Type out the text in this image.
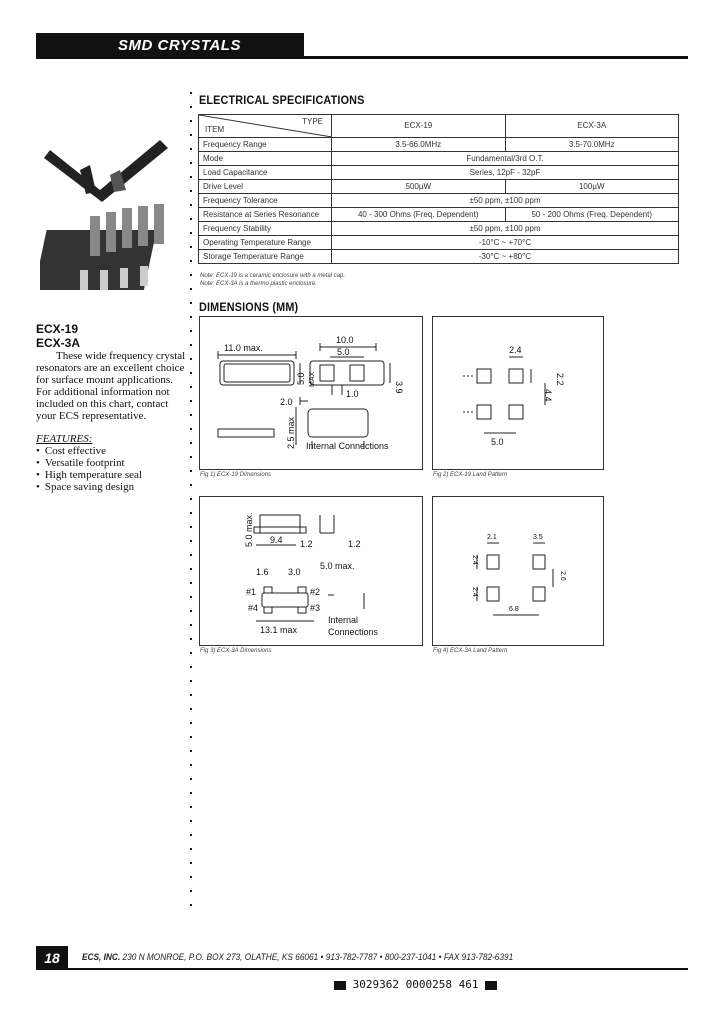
SMD CRYSTALS
ECX-19
ECX-3A
These wide frequency crystal resonators are an excellent choice for surface mount applications. For additional information not included on this chart, contact your ECS representative.
FEATURES:
• Cost effective
• Versatile footprint
• High temperature seal
• Space saving design
ELECTRICAL SPECIFICATIONS
TYPE
ITEM	ECX-19	ECX-3A
Frequency Range	3.5-66.0MHz	3.5-70.0MHz
Mode	Fundamental/3rd O.T.	
Load Capacitance	Series, 12pF - 32pF	
Drive Level	500µW	100µW
Frequency Tolerance	±50 ppm, ±100 ppm	
Resistance at Series Resonance	40 - 300 Ohms (Freq. Dependent)	50 - 200 Ohms (Freq. Dependent)
Frequency Stability	±50 ppm, ±100 ppm	
Operating Temperature Range	-10°C ~ +70°C	
Storage Temperature Range	-30°C ~ +80°C	
Note: ECX-19 is a ceramic enclosure with a metal cap.
Note: ECX-3A is a thermo plastic enclosure.
DIMENSIONS (MM)
11.0 max.
10.0
5.0
5.0 MAX
3.9
1.0
2.0
2.5 max Internal Connections
Fig 1) ECX-19 Dimensions
2.4
2.2
4.4
5.0
Fig 2) ECX-19 Land Pattern
5.0 max. 9.4 1.2	1.2
5.0 max.
1.6 3.0
#1	#2
#3
#4
13.1 max
Internal
Connections
Fig 3) ECX-3A Dimensions
2.1	3.5
2.4
2.6
2.4
6.8
Fig 4) ECX-3A Land Pattern
18	ECS, INC. 230 N MONROE, P.O. BOX 273, OLATHE, KS 66061 • 913-782-7787 • 800-237-1041 • FAX 913-782-6391
3029362 0000258 461
